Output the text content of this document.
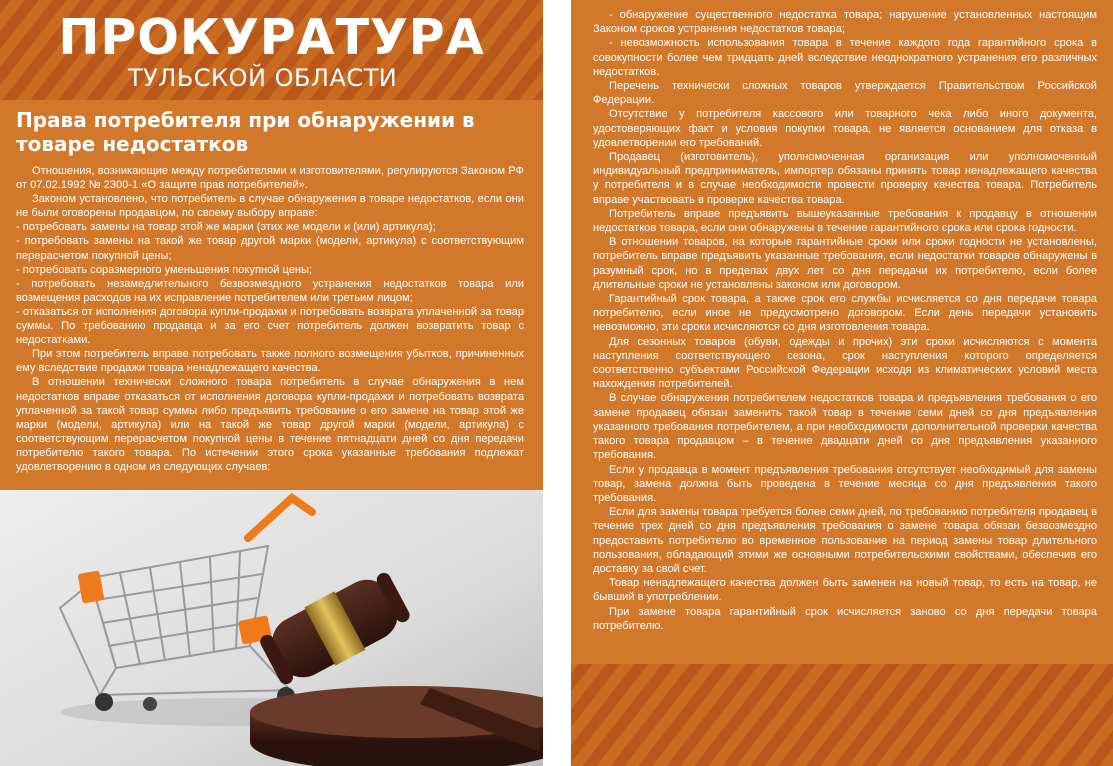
ПРОКУРАТУРА
ТУЛЬСКОЙ ОБЛАСТИ
Права потребителя при обнаружении в товаре недостатков

Отношения, возникающие между потребителями и изготовителями, регулируются Законом РФ от 07.02.1992 № 2300-1 «О защите прав потребителей».

Законом установлено, что потребитель в случае обнаружения в товаре недостатков, если они не были оговорены продавцом, по своему выбору вправе:

- потребовать замены на товар этой же марки (этих же модели и (или) артикула);

- потребовать замены на такой же товар другой марки (модели, артикула) с соответствующим перерасчетом покупной цены;

- потребовать соразмерного уменьшения покупной цены;

- потребовать незамедлительного безвозмездного устранения недостатков товара или возмещения расходов на их исправление потребителем или третьим лицом;

- отказаться от исполнения договора купли-продажи и потребовать возврата уплаченной за товар суммы. По требованию продавца и за его счет потребитель должен возвратить товар с недостатками.

При этом потребитель вправе потребовать также полного возмещения убытков, причиненных ему вследствие продажи товара ненадлежащего качества.

В отношении технически сложного товара потребитель в случае обнаружения в нем недостатков вправе отказаться от исполнения договора купли-продажи и потребовать возврата уплаченной за такой товар суммы либо предъявить требование о его замене на товар этой же марки (модели, артикула) или на такой же товар другой марки (модели, артикула) с соответствующим перерасчетом покупной цены в течение пятнадцати дней со дня передачи потребителю такого товара. По истечении этого срока указанные требования подлежат удовлетворению в одном из следующих случаев:

- обнаружение существенного недостатка товара; нарушение установленных настоящим Законом сроков устранения недостатков товара;

- невозможность использования товара в течение каждого года гарантийного срока в совокупности более чем тридцать дней вследствие неоднократного устранения его различных недостатков.

Перечень технически сложных товаров утверждается Правительством Российской Федерации.

Отсутствие у потребителя кассового или товарного чека либо иного документа, удостоверяющих факт и условия покупки товара, не является основанием для отказа в удовлетворении его требований.

Продавец (изготовитель), уполномоченная организация или уполномоченный индивидуальный предприниматель, импортер обязаны принять товар ненадлежащего качества у потребителя и в случае необходимости провести проверку качества товара. Потребитель вправе участвовать в проверке качества товара.

Потребитель вправе предъявить вышеуказанные требования к продавцу в отношении недостатков товара, если они обнаружены в течение гарантийного срока или срока годности.

В отношении товаров, на которые гарантийные сроки или сроки годности не установлены, потребитель вправе предъявить указанные требования, если недостатки товаров обнаружены в разумный срок, но в пределах двух лет со дня передачи их потребителю, если более длительные сроки не установлены законом или договором.

Гарантийный срок товара, а также срок его службы исчисляется со дня передачи товара потребителю, если иное не предусмотрено договором. Если день передачи установить невозможно, эти сроки исчисляются со дня изготовления товара.

Для сезонных товаров (обуви, одежды и прочих) эти сроки исчисляются с момента наступления соответствующего сезона, срок наступления которого определяется соответственно субъектами Российской Федерации исходя из климатических условий места нахождения потребителей.

В случае обнаружения потребителем недостатков товара и предъявления требования о его замене продавец обязан заменить такой товар в течение семи дней со дня предъявления указанного требования потребителем, а при необходимости дополнительной проверки качества такого товара продавцом – в течение двадцати дней со дня предъявления указанного требования.

Если у продавца в момент предъявления требования отсутствует необходимый для замены товар, замена должна быть проведена в течение месяца со дня предъявления такого требования.

Если для замены товара требуется более семи дней, по требованию потребителя продавец в течение трех дней со дня предъявления требования о замене товара обязан безвозмездно предоставить потребителю во временное пользование на период замены товар длительного пользования, обладающий этими же основными потребительскими свойствами, обеспечив его доставку за свой счет.

Товар ненадлежащего качества должен быть заменен на новый товар, то есть на товар, не бывший в употреблении.

При замене товара гарантийный срок исчисляется заново со дня передачи товара потребителю.
